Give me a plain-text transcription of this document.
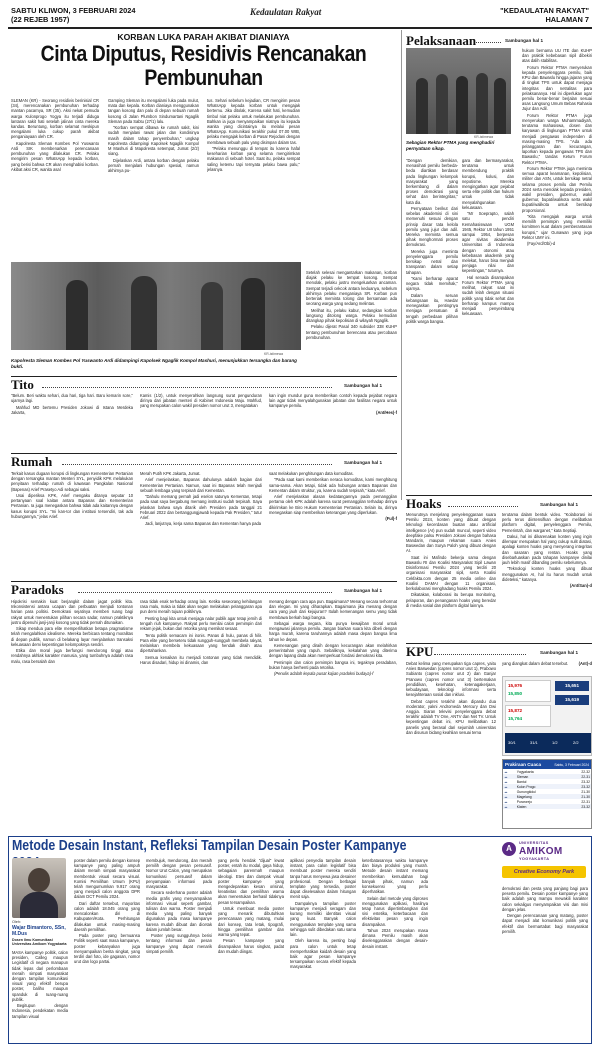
SABTU KLIWON, 3 FEBRUARI 2024
(22 REJEB 1957)
Kedaulatan Rakyat	"KEDAULATAN RAKYAT"
HALAMAN 7
KORBAN LUKA PARAH AKIBAT DIANIAYA
Cinta Diputus, Residivis Rencanakan Pembunuhan

SLEMAN (KR) - Seorang residivis berinisial CR (34), merencanakan pembunuhan terhadap mantan pacarnya, SR (35). Aksi nekat pemuda warga Kulonprogo Yogya itu terjadi diduga lantaran sakit hati setelah jalinan cinta mereka kandas. Beruntung, korban selamat meskipun mengalami luka cukup parah akibat penganiayaan oleh CR.

Kapolresta Sleman Kombes Pol Yuswanto Ardi SIK membenarkan perencanaan pembunuhan yang dilakukan CR. Pelaku mengirim pesan WhatsApp kepada korban, yang berisi bahwa CR akan menghabisi korban. Akibat aksi CR, wanita asal

Gamping Sleman itu mengalami luka pada mulut, mata dan kepala. Korban dianiaya menggunakan tangan kosong dan palu di depan sebuah rumah kosong di Jalan Plumbon Sindumartani Ngaglik Sleman pada Sabtu (27/1) lalu.

"Korban sempat dibawa ke rumah sakit, kini sudah menjalani rawat jalan dan kondisinya masih dalam tahap penyembuhan," ungkap Kapolresta didampingi Kapolsek Ngaglik Kompol M Mashuri di Mapolresta setempat, Jumat (2/2) siang.

Dijelaskan Ardi, antara korban dengan pelaku pernah menjalani hubungan spesial, namun akhirnya pu-

tus. Sehari sebelum kejadian, CR mengirim pesan WhatsApp kepada korban untuk mengajak bertemu. Jika ditolak, Karena sakit hati, kemudian timbul niat pelaku untuk melakukan pembunuhan. Bahkan ia juga menyampaikan niatnya itu kepada wanita yang dicintainya itu melalui pesan WhatsApp. Komunikasi terakhir pukul 07.00 WIB, pelaku mengajak korban di Pasar Rejodani dengan membawa sebuah palu yang disimpan dalam tas.

"Pelaku menunggu di tempat itu karena hafal keseharian korban yang selama mengirimkan makanan di sebuah hotel. Saat itu, pelaku sempat saling ketemu tapi ternyata pelaku bawa palu," jelasnya.

Setelah selesai mengantarkan makanan, korban diajak pelaku ke tempat kosong. Sempat menolak, pelaku justru mengeluarkan ancaman. Sempat terjadi cekcok antara keduanya, sebelum akhirnya pelaku menganiaya SR. Korban pun berteriak meminta tolong dan bersamaan ada seorang warga yang sedang melintas.

Melihat itu, pelaku kabur, sedangkan korban langsung ditolong warga. Pelaku kemudian ditangkap pihak kepolisian di wilayah Ngaglik.

Pelaku dijerat Pasal 340 subsider 338 KUHP tentang pembunuhan berencana atau percobaan pembunuhan.

KR-istimewa
Kapolresta Sleman Kombes Pol Yuswanto Ardi didampingi Kapolsek Ngaglik Kompol Mashuri, menunjukkan tersangka dan barang bukti.
Pelaksanaan	Sambungan hal 1
KR-istimewa
Sebagian Rektor PTMA yang menghadiri pernyataan sikap.

"Dengan demikian, menasihati pemilu berbeda-beda diartikan berdasar pada lingkungan kelompok masyarakat yang berkembang di dalam proses demokrasi yang sehat dan berintegritas," kata dia.

Pernyataan berikut dari sebelas akademisi di sini memenuhi sesuai dengan prinsip dasar tata kelola pemilu yang jujur dan adil. Mereka meminta semua pihak menghormati proses demokrasi.

Mereka juga meminta penyelenggara pemilu bersikap netral dan transparan dalam setiap tahapan.

"Kami berharap aparat negara tidak memihak," ujarnya.

Dalam seruan kebangsaan itu, Haedar menegaskan pentingnya menjaga persatuan di tengah perbedaan pilihan politik warga bangsa.

gara dan bermasyarakat, terutama untuk membendung praktik korupsi, kolusi, dan nepotisme. Mereka mengingatkan agar pejabat serta elite politik dan hukum untuk tidak menyalahgunakan kekuasaan.

"Mr Soeprapto, salah satu pendiri Kemahasiswaan UGM 1945, Rektor UII tahun 1951 sampai 1954, berpesan agar sivitas akademika Universitas di Indonesia dengan otonomi atau kebebasan akademik yang melekat, harus bisa menjadi penjaga nilai dan kepentingan," tuturnya.

Hal senada disampaikan Forum Rektor PTMA yang melihat, rakyat saat ini sudah lelah dengan situasi politik yang tidak sehat dan berharap kampus mampu menjadi penyeimbang kekuasaan.

hukum bernama UU ITE dan KUHP dan praktik kebebasan sipil dibekiri atas dalih stabilitas.

Forum Rektor PTMA menyerukan kepada penyelenggara pemilu, baik KPU dan Bawaslu hingga jajaran yang di tingkat TPS untuk dapat menjaga integritas dan netralitas para pelaksananya. Hal ini diperlukan agar pemilu benar-benar berjalan sesuai asas Langsung Umum Bebas Rahasia Jujur dan Adil.

Forum Rektor PTMA juga menyerukan warga Muhammadiyah, terutama mahasiswa, dosen dan karyawan di lingkungan PTMA untuk menjadi pengawas independen di masing-masing TPS. "Ada ada pelanggaran dan kecurangan, laporkan kepada pengawas TPS dan Bawaslu," tandas Ketum Forum Rektor PTMA.

Forum Rektor PTMA juga meminta semua aparat keamanan, kepolisian, militer dan ASN, untuk bersikap netral selama proses pemilu dan Pemilu 2024 serta menolak kepada presiden, wakil presiden, gubernur, wakil gubernur, bupati/walikota serta wakil bupati/walikota untuk bersikap proporsional.

"Kita mengajak warga untuk memilih pemimpin yang memiliki komitmen kuat dalam pemberantasan korupsi," ujar Gunawan yang juga Rektor UMY ini.

(Fay/Ard/Obi)-d

Tito	Sambungan hal 1

"Belum. Beri waktu sehari, dua hari, tiga hari. Baru kemarin sore," ujarnya lagi.

Mahfud MD bertemu Presiden Jokowi di Istana Merdeka Jakarta,

Kamis (1/2), untuk menyerahkan langsung surat pengunduran dirinya dari jabatan menteri di Kabinet Indonesia Maju. Mahfud, yang merupakan calon wakil presiden nomor urut 3, mengatakan

kan ingin mundur guna memberikan contoh kepada pejabat negara lain agar tidak menyalahgunakan jabatan dan fasilitas negara untuk kampanye pemilu.

(Ant/Hes)-f

Rumah	Sambungan hal 1

Terkait kasus dugaan korupsi di lingkungan Kementerian Pertanian dengan tersangka mantan Menteri SYL, penyidik KPK melakukan penyitaan terhadap rumah di kawasan Pangkalan Nasional (Bapenas) Arief Prasetyo Adi sebagai saksi.

Usai diperiksa KPK, Arief mengaku ditanya seputar 10 pertanyaan soal kaitan antara Bapanas dan Kementerian Pertanian. Ia juga menegaskan bahwa tidak ada kaitannya dengan kasus korupsi SYL. "Ini kan-tor dan institusi tersendiri, tak ada hubungannya," jelas Arief.

Merah Putih KPK Jakarta, Jumat.

Arief menjelaskan, Bapanas dahulunya adalah bagian dari Kementerian Pertanian. Namun, saat ini Bapanas telah menjadi sebuah lembaga yang terpisah dari Kementan.

"Dahulu memang pernah jadi eselon satunya Kementan, tetapi pada saat saya bergabung memang institusi sudah terpisah. Saya jelaskan bahwa saya ditarik oleh Presiden pada tanggal 21 Februari 2022 dan bertanggungjawab kepada Pak Presiden," tutur Arief.

Jadi, lanjutnya, kerja sama Bapanas dan Kementan hanya pada

saat melakukan penghitungan data komoditas.

"Pada saat kami memberikan neraca komoditas, kami menghitung sama-sama. Akan tetapi, tidak ada hubungan antara Bapanas dan Kementan dalam struktur, ya, karena sudah terpisah," kata Arief.

Arief menjelaskan alasan kedatangannya pada pemanggilan pertama oleh KPK adalah karena surat pemanggilan terhadap dirinya dikirimkan ke Biro Hukum Kementerian Pertanian. Selain itu, dirinya menegaskan siap memberikan keterangan yang diperlukan.

(Ful)-f

Hoaks	Sambungan hal 1

Menurutnya menjelang penyelenggaraan suara Pemilu 2024, konten yang dibuat dengan teknologi kecerdasan buatan atau artificial intelligence (AI) pun sudah muncul, seperti video deepfake palsu Presiden Jokowi dengan bahasa Mandarin, maupun rekaman suara Anies Baswedan dan Surya Paloh yang dibuat dengan AI.

Saat ini Mafindo bekerja sama dengan Bawaslu RI dan Koalisi Masyarakat Sipil Lawan Disinformasi Pemilu 2024 yang terdiri 20 organisasi masyarakat sipil, serta Koalisi Cekfakta.com dengan 25 media online dan Koalisi DAMAI dengan 11 organisasi, berkolaborasi menghadang hoaks Pemilu 2024.

Dikatakan, kolaborasi itu berupa monitoring, pelaporan, dan penanganan hoaks yang beredar di media sosial dan platform digital lainnya.

terutama dalam bentuk video. "Kolaborasi ini perlu terus diintensifkan dengan melibatkan platform digital, penyelenggara Pemilu, Pemerintah, dan warganet," kata Septiaji.

Dakui, hal ini dikarenakan konten yang ingin dilempar merupakan hal yang cukup sulit diatasi, apalagi konten hoaks yang menyerang integritas dan sasaran yang rentan. Hoaks yang disebarluaskan pada tahapan kampanye dinilai jauh lebih masif dibanding pemilu sebelumnya.

"Teknologi konten hoaks yang dibuat menggunakan AI, hal itu harus mudah untuk dideteksi," katanya.

(Ant/San)-d

Paradoks	Sambungan hal 1

Hipokrisi semakin kuat berjangkit dalam jagat politik kita. Inkonsistensi antara ucapan dan perbuatan menjadi tontonan harian para politisi. Demokrasi sejatinya memberi ruang bagi rakyat untuk menentukan pilihan secara sadar, namun praktiknya justru dipenuhi janji-janji kosong yang tidak pernah ditunaikan.

Sikap mendua para elite memperlihatkan betapa pragmatisme telah mengalahkan idealisme. Mereka berbicara tentang moralitas di depan publik, namun di belakang layar menjalankan transaksi kekuasaan demi kepentingan kelompoknya sendiri.

Etika dan moral juga berfungsi mendorong tinggi atau rendahnya akhlak karakter manusia, yang tumbuhnya adalah rasa malu, rasa bersalah dan

rasa tidak enak terhadap orang lain. Ketika seseorang kehilangan rasa malu, maka ia tidak akan segan melakukan pelanggaran apa pun demi meraih tujuan politiknya.

Penting bagi kita untuk menjaga nalar publik agar tetap jernih di tengah riuh kampanye. Rakyat perlu menilai calon pemimpin dari rekam jejak, bukan dari retorika yang memikat sesaat.

Tentu politik semacam ini ironis. Panas di hulu, panas di hilir. Para elite yang berseteru tidak sungguh-sungguh membela rakyat, melainkan membela kekuasaan yang hendak diraih atau dipertahankan.

Semua kenaikan itu menjadi tontonan yang tidak mendidik. Harus disadari, hidup ini dinamis, dan

menang dengan cara apa pun. Bagaimana? Menang secara terhormat dan elegan. Ini yang diharapkan. Bagaimana jika menang dengan cara yang jauh dari kejujuran? Itulah kemenangan semu yang tidak membawa berkah bagi bangsa.

Sebagai warga negara, kita punya kewajiban moral untuk mengawasi jalannya pemilu. Jangan biarkan suara kita dibeli dengan harga murah, karena taruhannya adalah masa depan bangsa lima tahun ke depan.

Kemenangan yang diraih dengan kecurangan akan melahirkan pemerintahan yang rapuh. Sebaliknya, kekalahan yang diterima dengan lapang dada akan memperkuat fondasi demokrasi kita.

Pemimpin dan calon pemimpin bangsa ini, tegaknya peradaban, bukan hanya berhenti pada retorika.

(Penulis adalah kepala pusat kajian pradoksi budaya)-f

KPU	Sambungan hal 1

Debat kelima yang merupakan tiga capres, yaitu Anies Baswedan (capres nomor urut 1), Prabowo Subianto (capres nomor urut 2) dan Ganjar Pranowo (capres nomor urut 3) bertemakan pendidikan, kesehatan, ketenagakerjaan, kebudayaan, teknologi informasi serta kesejahteraan sosial dan inklusi.

Debat capres terakhir akan dipandu dua moderator, yakni Andromeda Mercury dan Dwi Anggia. Siaran televisi penyelenggara debat terakhir adalah TV One, ANTV dan Net TV. Untuk kepentingan debat ini, KPU melibatkan 12 panelis yang berasal dari sejumlah universitas dan disusun bidang keahlian sesuai tema

yang diangkat dalam debat tersebut.	(Ant)-d
15,976
15,850
15,872
15,764
15,651
15,619
30/1	31/1	1/2	2/2
Prakiraan Cuaca	Sabtu, 3 Februari 2024
☁	Yogyakarta	22-32
☁	Sleman	22-31
☁	Bantul	23-32
☁	Kulon Progo	23-32
☁	Gunungkidul	21-30
☁	Magelang	21-30
☁	Purworejo	22-31
☁	Klaten	23-32
Metode Desain Instant, Refleksi Tampilan Desain Poster Kampanye
Oleh:
Wajar Bimantoro, SSn, M.Dus
Dosen Ilmu Komunikasi Universitas Amikom Yogyakarta

MASA kampanye politik, calon presiden, Calleg maupun Legislatif di negara manapun tidak lepas dari perlombaan meraih simpati masyarakat dengan tampilan komunikasi visual yang efektif berupa poster, baliho maupun spanduk di ruang-ruang publik.

Begitupun dengan Indonesia, pendekatan media tampilan visual

poster dalam pemilu dengan konsep kampanye yang paling ampuh dalam meraih simpati masyarakat membentuk visual secara visual. Komisi Pemilihan Umum (KPU) telah mengumumkan 9.917 orang yang menjadi calon anggota DPR dalam DCT Pemilu 2024.

Dari daftar tersebut, mayoritas calon adalah 18.045 orang yang mencalonkan diri di Kabupaten/Kota. Perhitungan dilakukan untuk masing-masing daerah pemilihan.

Pada poster yang bernuansa Politik seperti saat masa kampanye, poster kebanyakan juga menyampaikan berita singkat, yang terdiri dari foto, ide gagasan, nomor urut dan logo partai.

membujuk, mendorong, dan meraih pemilih dengan pesan persuasif. Nomor Urut Calon, yang merupakan komunikasi persuasif dalam penyampaian informasi pada masyarakat.

Secara sederhana poster adalah media grafis yang menyampaikan informasi visual seperti gambar, tulisan dan warna. Poster menjadi media yang paling banyak digunakan pada masa kampanye karena mudah dibuat dan dicetak dalam jumlah besar.

Poster yang sungguhnya berisi tentang informasi dan pesan kampanye yang dapat menarik simpati pemilih.

yang perlu hendak "dijual" lewat poster, entah itu modal, gaya hidup, sebagaian parenmah maupun ideologi. Etes dan dampak visual poster kampanye yang mengedepankan kesan orisinal, kreativitas dan pemilihan warna akan menentukan berhasil tidaknya pesan tersampaikan.

Untuk membuat media poster yang menarik dibutuhkan perencanaan yang matang, mulai dari konsep, tata letak, tipografi, hingga pemilihan gambar dan warna yang tepat.

Pesan kampanye yang disampaikan harus singkat, padat dan mudah diingat.

aplikasi penyedia tampilan desain instant, para calon legislatif bisa membuat poster mereka sendiri tanpa harus menyewa jasa desainer profesional. Dengan berbagai template yang tersedia, poster dapat diselesaikan dalam hitungan menit saja.

Dampaknya tampilan poster kampanye menjadi seragam dan kurang memiliki identitas visual yang kuat. Banyak calon menggunakan template yang sama sehingga sulit dibedakan satu sama lain.

Oleh karena itu, penting bagi para calon untuk tetap memperhatikan kaidah desain yang baik agar pesan kampanye tersampaikan secara efektif kepada masyarakat.

keterbatasannya waktu kampanye dan biaya produksi yang murah. Metode desain instant memang memberikan kemudahan bagi banyak pihak, namun ada konsekuensi yang perlu diperhatikan.

Selain dari metode yang diproses menggunakan aplikasi, hasilnya tetap harus dipertimbangkan dari sisi estetika, keterbacaan dan efektivitas pesan yang ingin disampaikan.

Tahun 2024 merupakan masa dimana Pemilu masih akan diselenggarakan dengan desain-desain instant.

A
UNIVERSITAS
AMIKOM
YOGYAKARTA
Creative Economy Park

demokrasi dan pesta yang panjang bagi para peserta pemilu. Desain poster kampanye yang baik adalah yang mampu mewakili karakter calon sekaligus menyampaikan visi dan misi dengan jelas.

Dengan perencanaan yang matang, poster dapat menjadi alat komunikasi politik yang efektif dan bermartabat bagi masyarakat pemilih.
